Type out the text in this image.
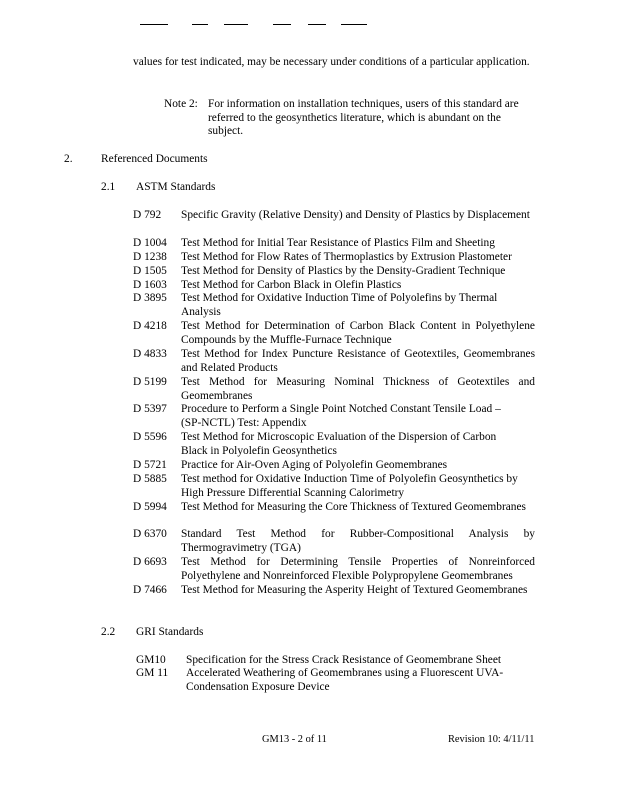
values for test indicated, may be necessary under conditions of a particular application.
Note 2: For information on installation techniques, users of this standard are referred to the geosynthetics literature, which is abundant on the subject.
2. Referenced Documents
2.1 ASTM Standards
D 792 Specific Gravity (Relative Density) and Density of Plastics by Displacement
D 1004 Test Method for Initial Tear Resistance of Plastics Film and Sheeting
D 1238 Test Method for Flow Rates of Thermoplastics by Extrusion Plastometer
D 1505 Test Method for Density of Plastics by the Density-Gradient Technique
D 1603 Test Method for Carbon Black in Olefin Plastics
D 3895 Test Method for Oxidative Induction Time of Polyolefins by Thermal Analysis
D 4218 Test Method for Determination of Carbon Black Content in Polyethylene Compounds by the Muffle-Furnace Technique
D 4833 Test Method for Index Puncture Resistance of Geotextiles, Geomembranes and Related Products
D 5199 Test Method for Measuring Nominal Thickness of Geotextiles and Geomembranes
D 5397 Procedure to Perform a Single Point Notched Constant Tensile Load – (SP-NCTL) Test: Appendix
D 5596 Test Method for Microscopic Evaluation of the Dispersion of Carbon Black in Polyolefin Geosynthetics
D 5721 Practice for Air-Oven Aging of Polyolefin Geomembranes
D 5885 Test method for Oxidative Induction Time of Polyolefin Geosynthetics by High Pressure Differential Scanning Calorimetry
D 5994 Test Method for Measuring the Core Thickness of Textured Geomembranes
D 6370 Standard Test Method for Rubber-Compositional Analysis by Thermogravimetry (TGA)
D 6693 Test Method for Determining Tensile Properties of Nonreinforced Polyethylene and Nonreinforced Flexible Polypropylene Geomembranes
D 7466 Test Method for Measuring the Asperity Height of Textured Geomembranes
2.2 GRI Standards
GM10 Specification for the Stress Crack Resistance of Geomembrane Sheet
GM 11 Accelerated Weathering of Geomembranes using a Fluorescent UVA-Condensation Exposure Device
GM13 - 2 of 11	Revision 10: 4/11/11
